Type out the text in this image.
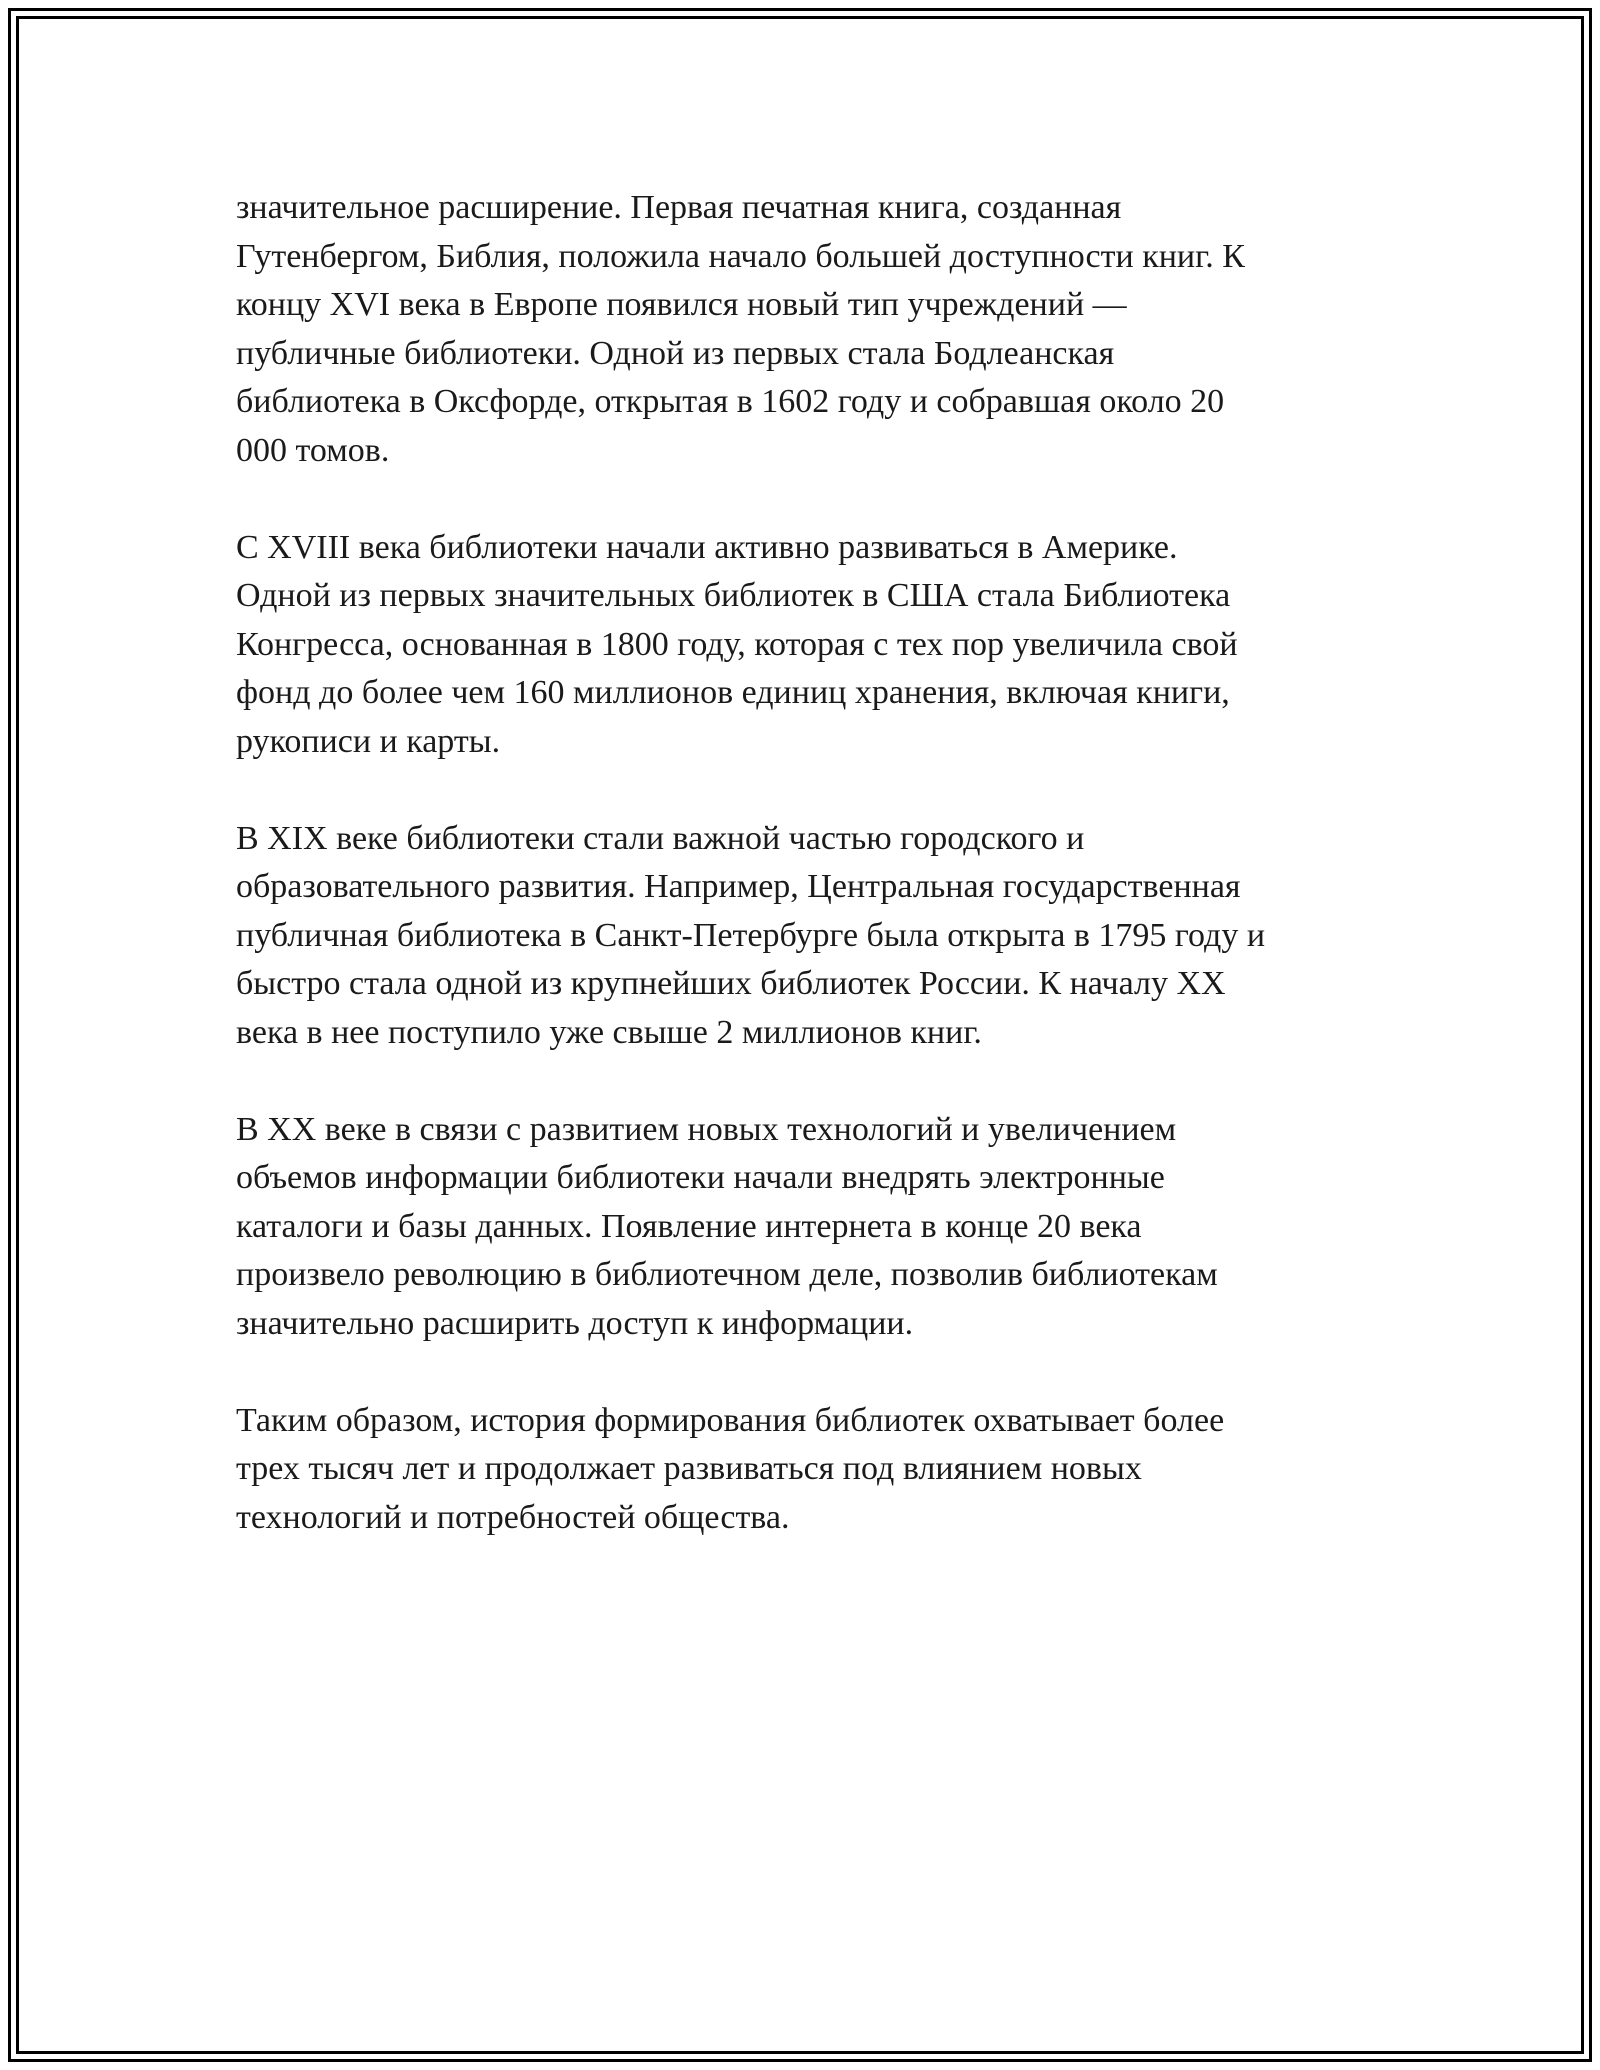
значительное расширение. Первая печатная книга, созданная
Гутенбергом, Библия, положила начало большей доступности книг. К
концу XVI века в Европе появился новый тип учреждений —
публичные библиотеки. Одной из первых стала Бодлеанская
библиотека в Оксфорде, открытая в 1602 году и собравшая около 20
000 томов.

С XVIII века библиотеки начали активно развиваться в Америке.
Одной из первых значительных библиотек в США стала Библиотека
Конгресса, основанная в 1800 году, которая с тех пор увеличила свой
фонд до более чем 160 миллионов единиц хранения, включая книги,
рукописи и карты.

В XIX веке библиотеки стали важной частью городского и
образовательного развития. Например, Центральная государственная
публичная библиотека в Санкт-Петербурге была открыта в 1795 году и
быстро стала одной из крупнейших библиотек России. К началу XX
века в нее поступило уже свыше 2 миллионов книг.

В XX веке в связи с развитием новых технологий и увеличением
объемов информации библиотеки начали внедрять электронные
каталоги и базы данных. Появление интернета в конце 20 века
произвело революцию в библиотечном деле, позволив библиотекам
значительно расширить доступ к информации.

Таким образом, история формирования библиотек охватывает более
трех тысяч лет и продолжает развиваться под влиянием новых
технологий и потребностей общества.
